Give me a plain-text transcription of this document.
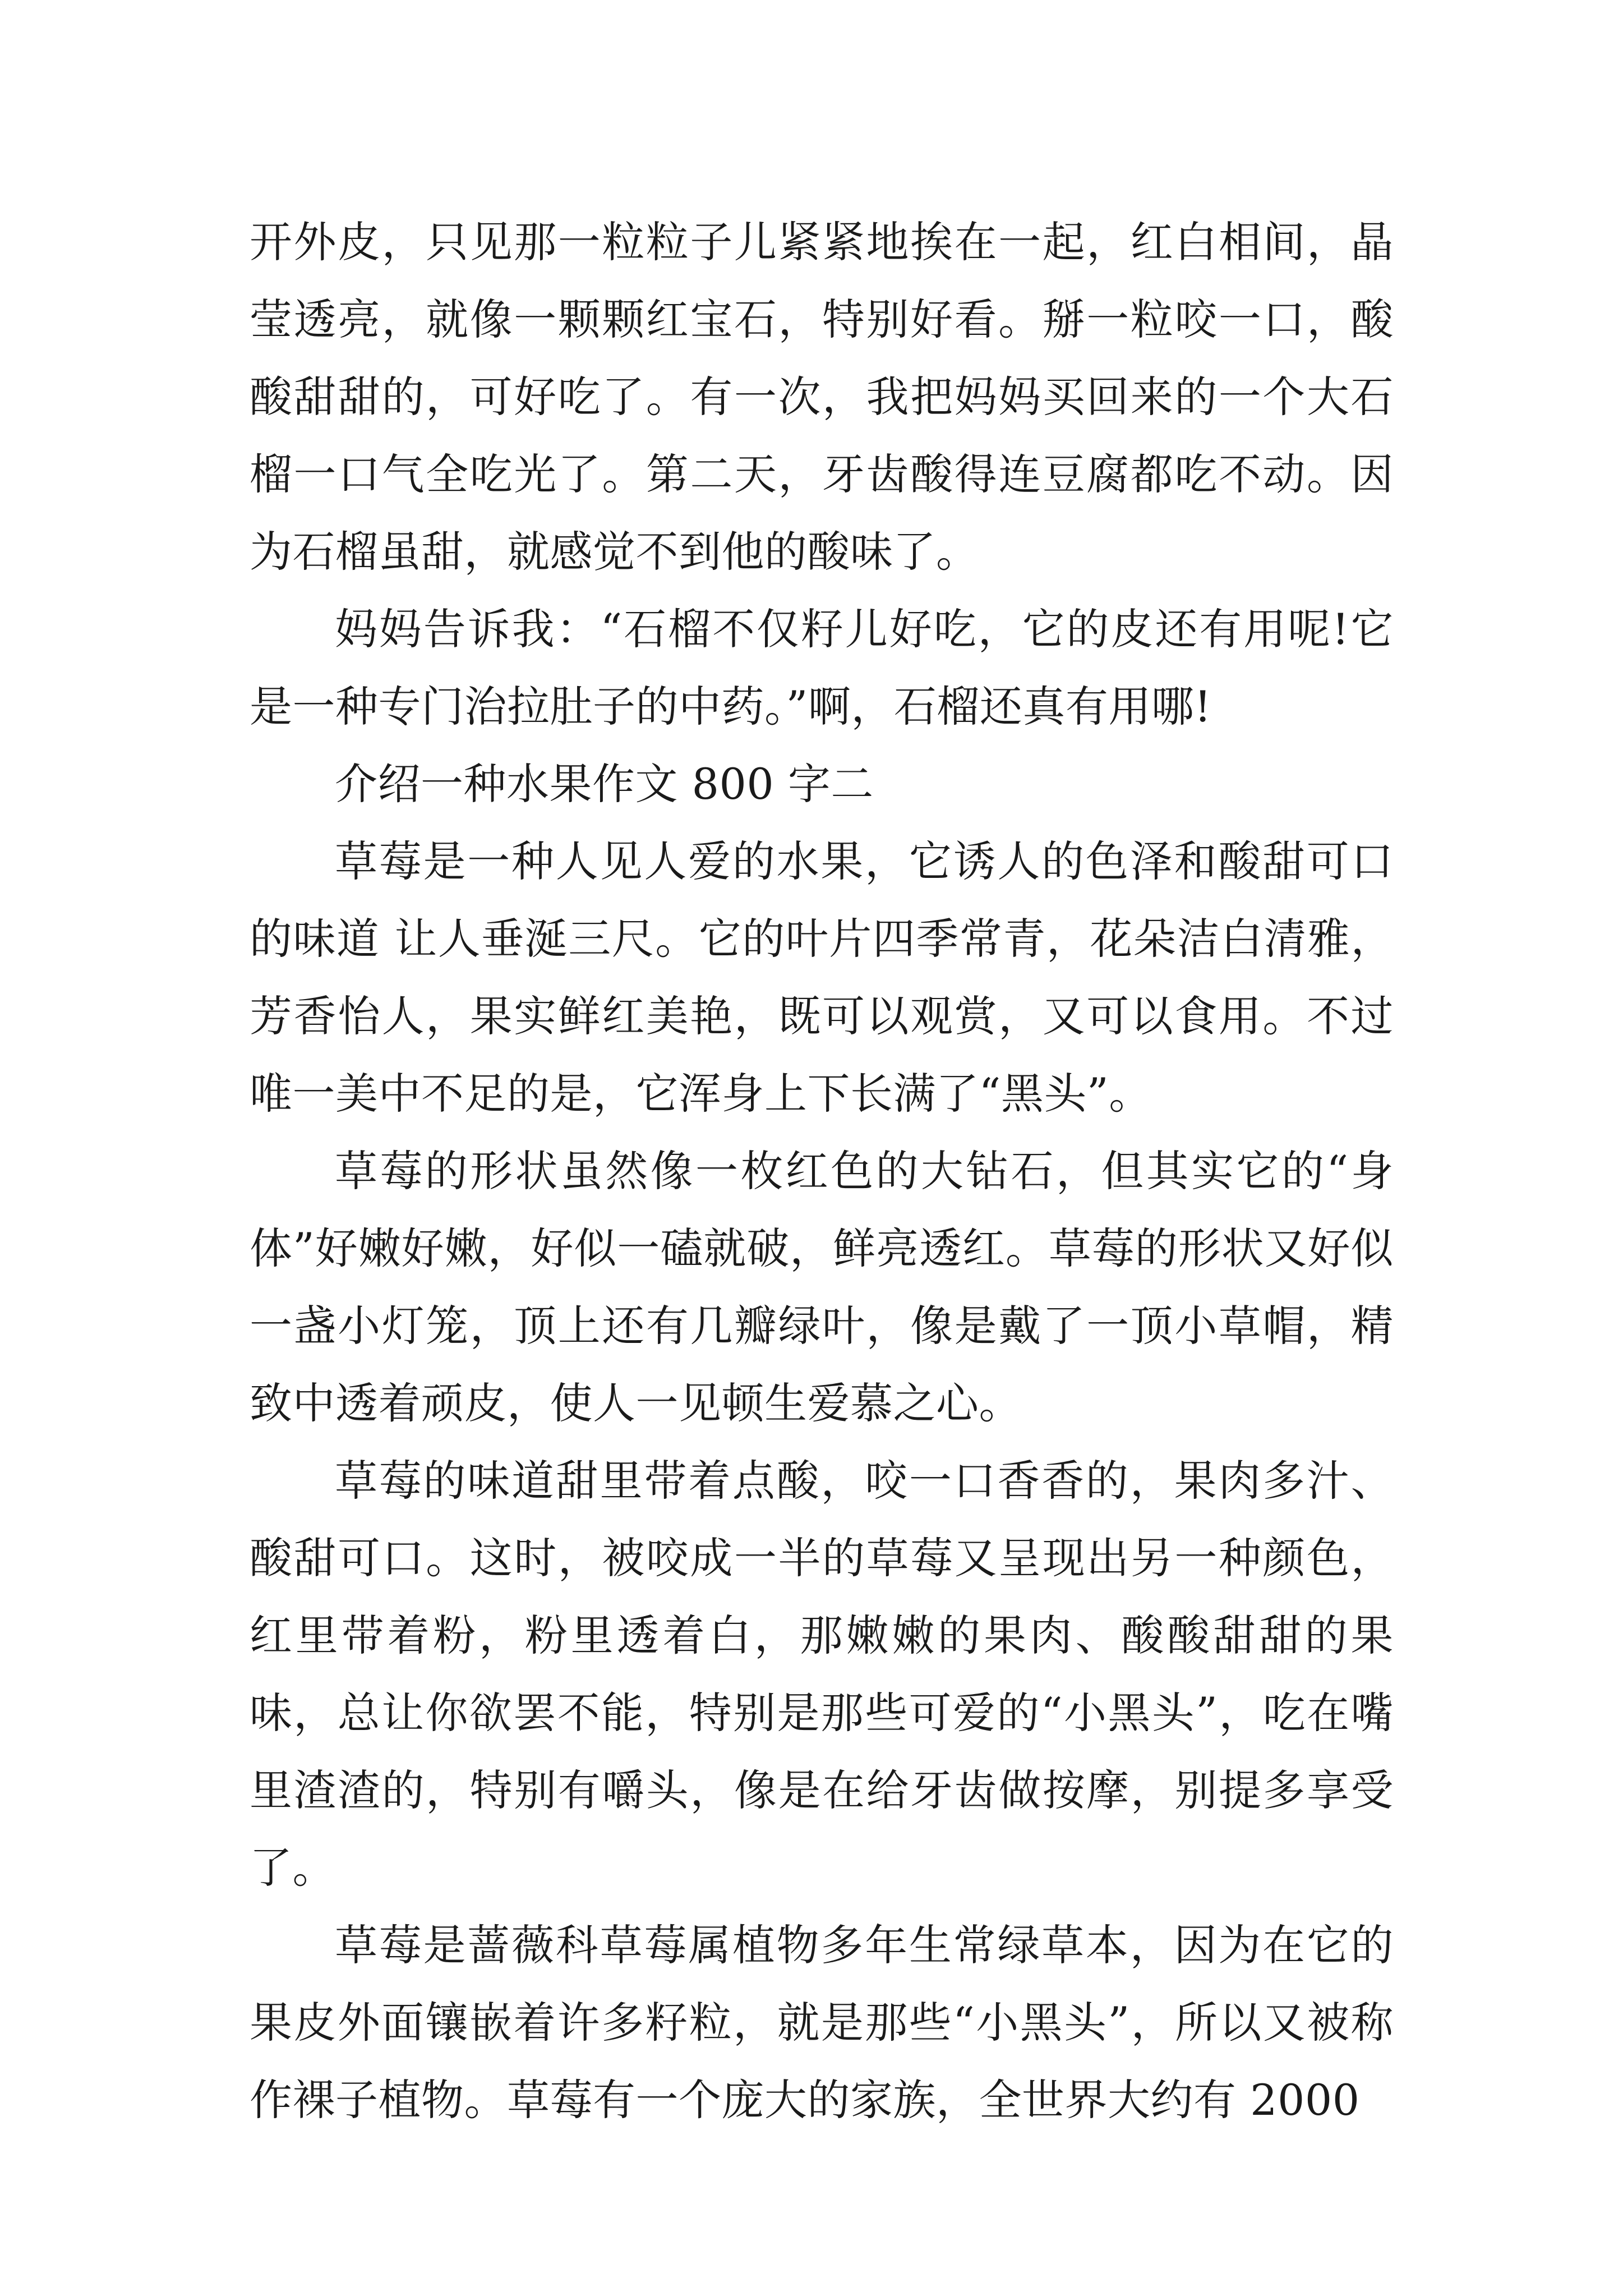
开外皮，只见那一粒粒子儿紧紧地挨在一起，红白相间，晶莹透亮，就像一颗颗红宝石，特别好看。掰一粒咬一口，酸酸甜甜的，可好吃了。有一次，我把妈妈买回来的一个大石榴一口气全吃光了。第二天，牙齿酸得连豆腐都吃不动。因为石榴虽甜，就感觉不到他的酸味了。

妈妈告诉我：“石榴不仅籽儿好吃，它的皮还有用呢!它是一种专门治拉肚子的中药。”啊，石榴还真有用哪!

介绍一种水果作文 800 字二

草莓是一种人见人爱的水果，它诱人的色泽和酸甜可口的味道 让人垂涎三尺。它的叶片四季常青，花朵洁白清雅，芳香怡人，果实鲜红美艳，既可以观赏，又可以食用。不过唯一美中不足的是，它浑身上下长满了“黑头”。

草莓的形状虽然像一枚红色的大钻石，但其实它的“身体”好嫩好嫩，好似一磕就破，鲜亮透红。草莓的形状又好似一盏小灯笼，顶上还有几瓣绿叶，像是戴了一顶小草帽，精致中透着顽皮，使人一见顿生爱慕之心。

草莓的味道甜里带着点酸，咬一口香香的，果肉多汁、酸甜可口。这时，被咬成一半的草莓又呈现出另一种颜色，红里带着粉，粉里透着白，那嫩嫩的果肉、酸酸甜甜的果味，总让你欲罢不能，特别是那些可爱的“小黑头”，吃在嘴里渣渣的，特别有嚼头，像是在给牙齿做按摩，别提多享受了。

草莓是蔷薇科草莓属植物多年生常绿草本，因为在它的果皮外面镶嵌着许多籽粒，就是那些“小黑头”，所以又被称作裸子植物。草莓有一个庞大的家族，全世界大约有 2000
